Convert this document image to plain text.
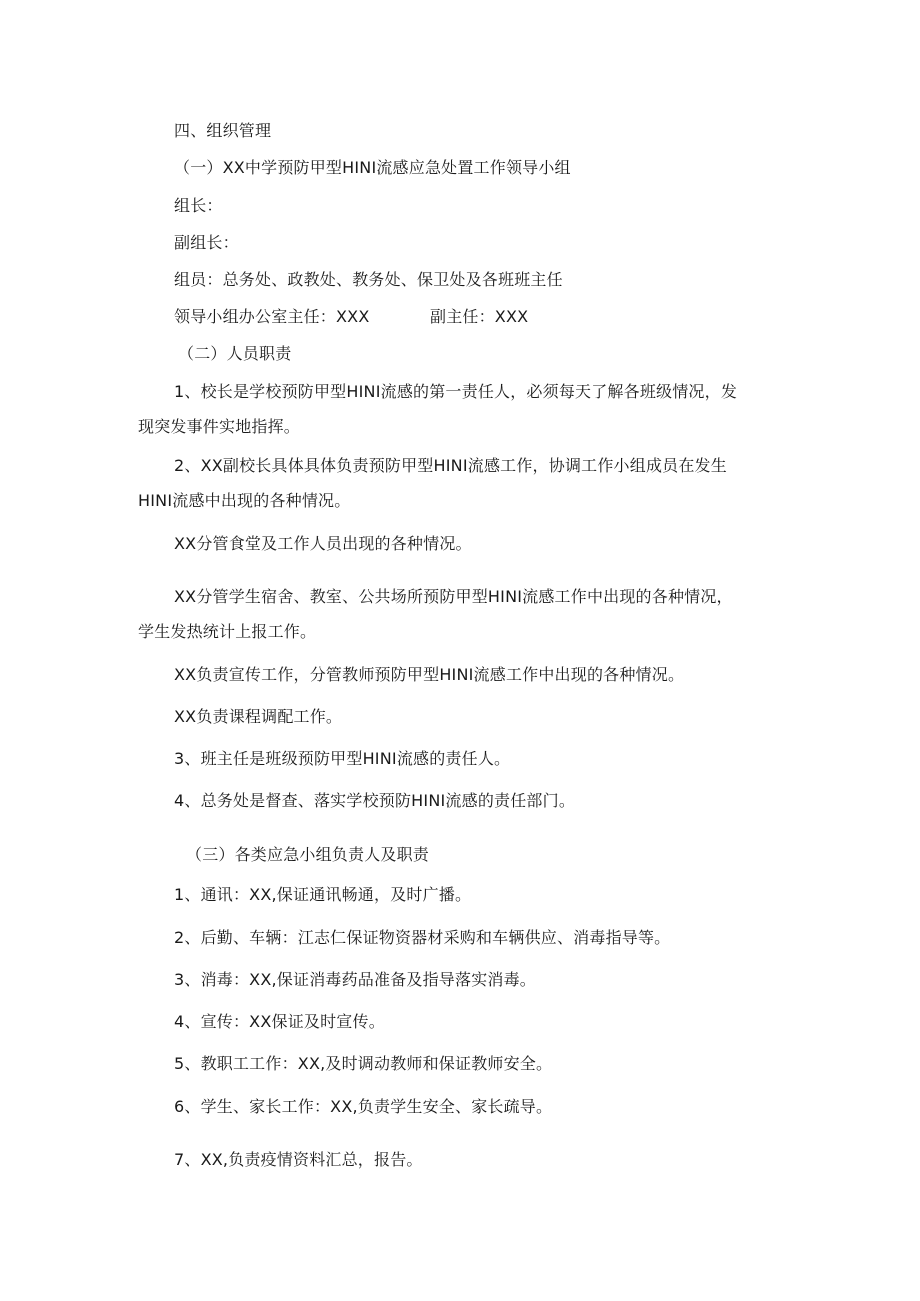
四、组织管理
（一）XX中学预防甲型HINI流感应急处置工作领导小组
组长：
副组长：
组员：总务处、政教处、教务处、保卫处及各班班主任
领导小组办公室主任：XXX	副主任：XXX
（二）人员职责
1、校长是学校预防甲型HINI流感的第一责任人，必须每天了解各班级情况，发
现突发事件实地指挥。
2、XX副校长具体具体负责预防甲型HINI流感工作，协调工作小组成员在发生
HINI流感中出现的各种情况。
XX分管食堂及工作人员出现的各种情况。
XX分管学生宿舍、教室、公共场所预防甲型HINI流感工作中出现的各种情况，
学生发热统计上报工作。
XX负责宣传工作，分管教师预防甲型HINI流感工作中出现的各种情况。
XX负责课程调配工作。
3、班主任是班级预防甲型HINI流感的责任人。
4、总务处是督查、落实学校预防HINI流感的责任部门。
（三）各类应急小组负责人及职责
1、通讯：XX,保证通讯畅通，及时广播。
2、后勤、车辆：江志仁保证物资器材采购和车辆供应、消毒指导等。
3、消毒：XX,保证消毒药品准备及指导落实消毒。
4、宣传：XX保证及时宣传。
5、教职工工作：XX,及时调动教师和保证教师安全。
6、学生、家长工作：XX,负责学生安全、家长疏导。
7、XX,负责疫情资料汇总，报告。
